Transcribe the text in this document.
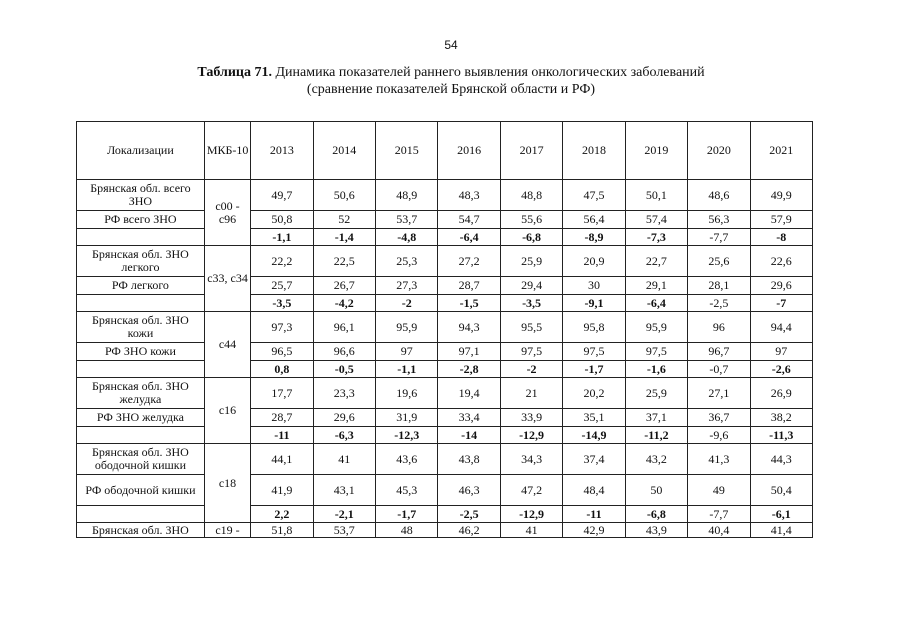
54
Таблица 71. Динамика показателей раннего выявления онкологических заболеваний
(сравнение показателей Брянской области и РФ)
Локализации	МКБ-10	2013	2014	2015	2016	2017	2018	2019	2020	2021
Брянская обл. всего ЗНО	с00 - с96	49,7	50,6	48,9	48,3	48,8	47,5	50,1	48,6	49,9
РФ всего ЗНО		50,8	52	53,7	54,7	55,6	56,4	57,4	56,3	57,9
		-1,1	-1,4	-4,8	-6,4	-6,8	-8,9	-7,3	-7,7	-8
Брянская обл. ЗНО легкого	с33, с34	22,2	22,5	25,3	27,2	25,9	20,9	22,7	25,6	22,6
РФ легкого		25,7	26,7	27,3	28,7	29,4	30	29,1	28,1	29,6
		-3,5	-4,2	-2	-1,5	-3,5	-9,1	-6,4	-2,5	-7
Брянская обл. ЗНО кожи	с44	97,3	96,1	95,9	94,3	95,5	95,8	95,9	96	94,4
РФ ЗНО кожи		96,5	96,6	97	97,1	97,5	97,5	97,5	96,7	97
		0,8	-0,5	-1,1	-2,8	-2	-1,7	-1,6	-0,7	-2,6
Брянская обл. ЗНО желудка	с16	17,7	23,3	19,6	19,4	21	20,2	25,9	27,1	26,9
РФ ЗНО желудка		28,7	29,6	31,9	33,4	33,9	35,1	37,1	36,7	38,2
		-11	-6,3	-12,3	-14	-12,9	-14,9	-11,2	-9,6	-11,3
Брянская обл. ЗНО ободочной кишки	с18	44,1	41	43,6	43,8	34,3	37,4	43,2	41,3	44,3
РФ ободочной кишки		41,9	43,1	45,3	46,3	47,2	48,4	50	49	50,4
		2,2	-2,1	-1,7	-2,5	-12,9	-11	-6,8	-7,7	-6,1
Брянская обл. ЗНО	с19 -	51,8	53,7	48	46,2	41	42,9	43,9	40,4	41,4
